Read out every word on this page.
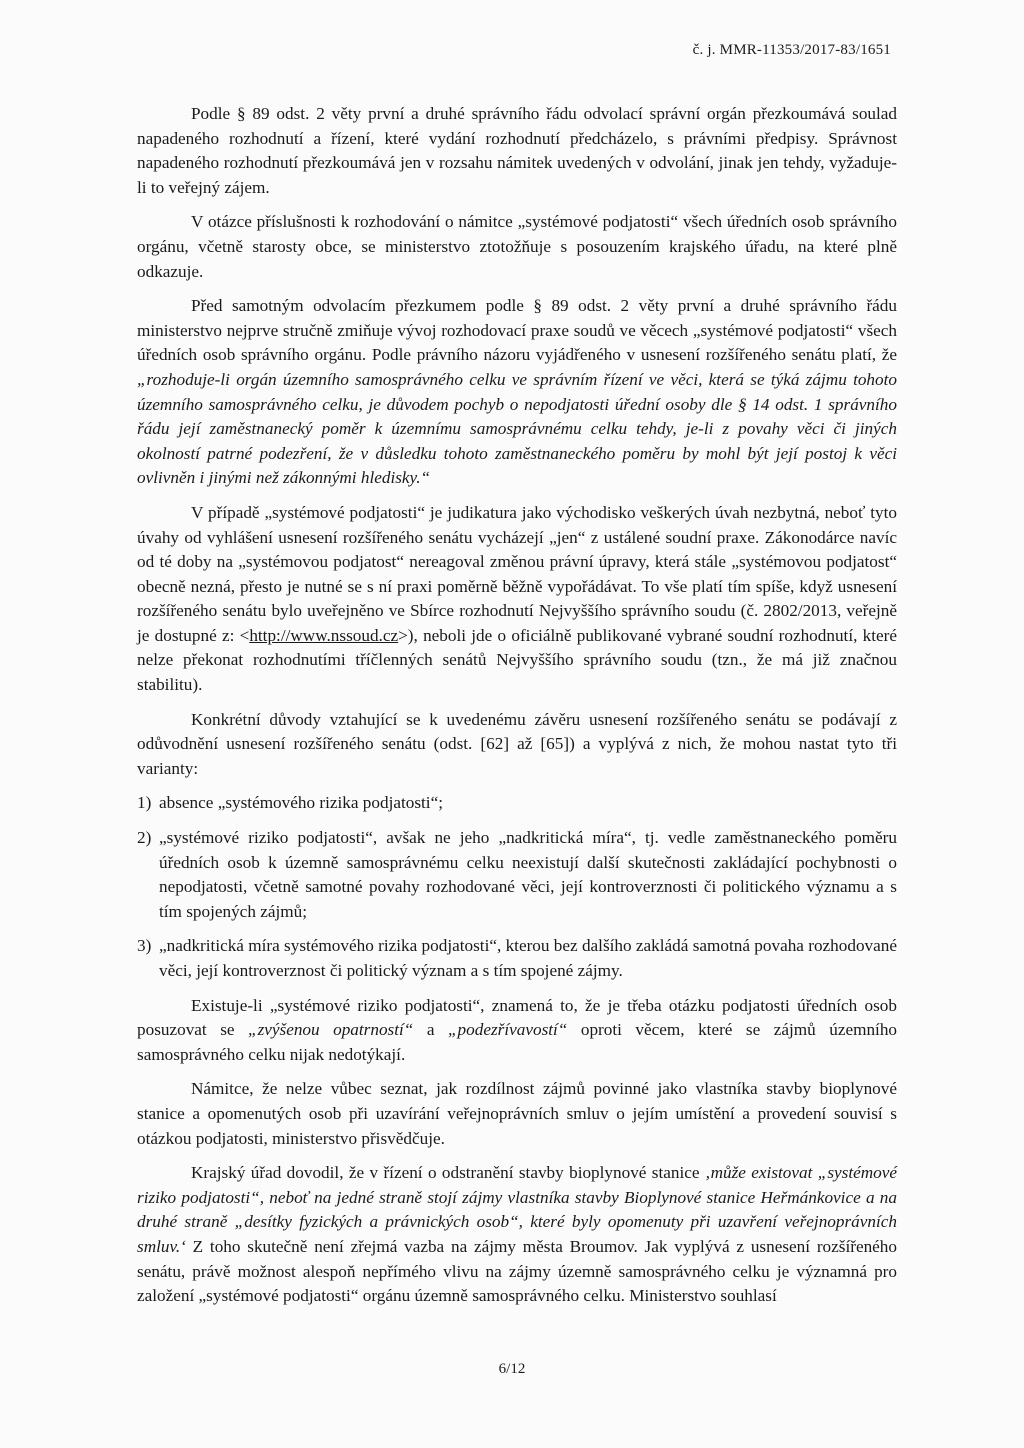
č. j. MMR-11353/2017-83/1651

Podle § 89 odst. 2 věty první a druhé správního řádu odvolací správní orgán přezkoumává soulad napadeného rozhodnutí a řízení, které vydání rozhodnutí předcházelo, s právními předpisy. Správnost napadeného rozhodnutí přezkoumává jen v rozsahu námitek uvedených v odvolání, jinak jen tehdy, vyžaduje-li to veřejný zájem.

V otázce příslušnosti k rozhodování o námitce „systémové podjatosti“ všech úředních osob správního orgánu, včetně starosty obce, se ministerstvo ztotožňuje s posouzením krajského úřadu, na které plně odkazuje.

Před samotným odvolacím přezkumem podle § 89 odst. 2 věty první a druhé správního řádu ministerstvo nejprve stručně zmiňuje vývoj rozhodovací praxe soudů ve věcech „systémové podjatosti“ všech úředních osob správního orgánu. Podle právního názoru vyjádřeného v usnesení rozšířeného senátu platí, že „rozhoduje-li orgán územního samosprávného celku ve správním řízení ve věci, která se týká zájmu tohoto územního samosprávného celku, je důvodem pochyb o nepodjatosti úřední osoby dle § 14 odst. 1 správního řádu její zaměstnanecký poměr k územnímu samosprávnému celku tehdy, je-li z povahy věci či jiných okolností patrné podezření, že v důsledku tohoto zaměstnaneckého poměru by mohl být její postoj k věci ovlivněn i jinými než zákonnými hledisky.“

V případě „systémové podjatosti“ je judikatura jako východisko veškerých úvah nezbytná, neboť tyto úvahy od vyhlášení usnesení rozšířeného senátu vycházejí „jen“ z ustálené soudní praxe. Zákonodárce navíc od té doby na „systémovou podjatost“ nereagoval změnou právní úpravy, která stále „systémovou podjatost“ obecně nezná, přesto je nutné se s ní praxi poměrně běžně vypořádávat. To vše platí tím spíše, když usnesení rozšířeného senátu bylo uveřejněno ve Sbírce rozhodnutí Nejvyššího správního soudu (č. 2802/2013, veřejně je dostupné z: <http://www.nssoud.cz>), neboli jde o oficiálně publikované vybrané soudní rozhodnutí, které nelze překonat rozhodnutími tříčlenných senátů Nejvyššího správního soudu (tzn., že má již značnou stabilitu).

Konkrétní důvody vztahující se k uvedenému závěru usnesení rozšířeného senátu se podávají z odůvodnění usnesení rozšířeného senátu (odst. [62] až [65]) a vyplývá z nich, že mohou nastat tyto tři varianty:

1) absence „systémového rizika podjatosti“;
2) „systémové riziko podjatosti“, avšak ne jeho „nadkritická míra“, tj. vedle zaměstnaneckého poměru úředních osob k územně samosprávnému celku neexistují další skutečnosti zakládající pochybnosti o nepodjatosti, včetně samotné povahy rozhodované věci, její kontroverznosti či politického významu a s tím spojených zájmů;
3) „nadkritická míra systémového rizika podjatosti“, kterou bez dalšího zakládá samotná povaha rozhodované věci, její kontroverznost či politický význam a s tím spojené zájmy.

Existuje-li „systémové riziko podjatosti“, znamená to, že je třeba otázku podjatosti úředních osob posuzovat se „zvýšenou opatrností“ a „podezřívavostí“ oproti věcem, které se zájmů územního samosprávného celku nijak nedotýkají.

Námitce, že nelze vůbec seznat, jak rozdílnost zájmů povinné jako vlastníka stavby bioplynové stanice a opomenutých osob při uzavírání veřejnoprávních smluv o jejím umístění a provedení souvisí s otázkou podjatosti, ministerstvo přisvědčuje.

Krajský úřad dovodil, že v řízení o odstranění stavby bioplynové stanice ‚může existovat „systémové riziko podjatosti“, neboť na jedné straně stojí zájmy vlastníka stavby Bioplynové stanice Heřmánkovice a na druhé straně „desítky fyzických a právnických osob“, které byly opomenuty při uzavření veřejnoprávních smluv.‘ Z toho skutečně není zřejmá vazba na zájmy města Broumov. Jak vyplývá z usnesení rozšířeného senátu, právě možnost alespoň nepřímého vlivu na zájmy územně samosprávného celku je významná pro založení „systémové podjatosti“ orgánu územně samosprávného celku. Ministerstvo souhlasí

6/12
